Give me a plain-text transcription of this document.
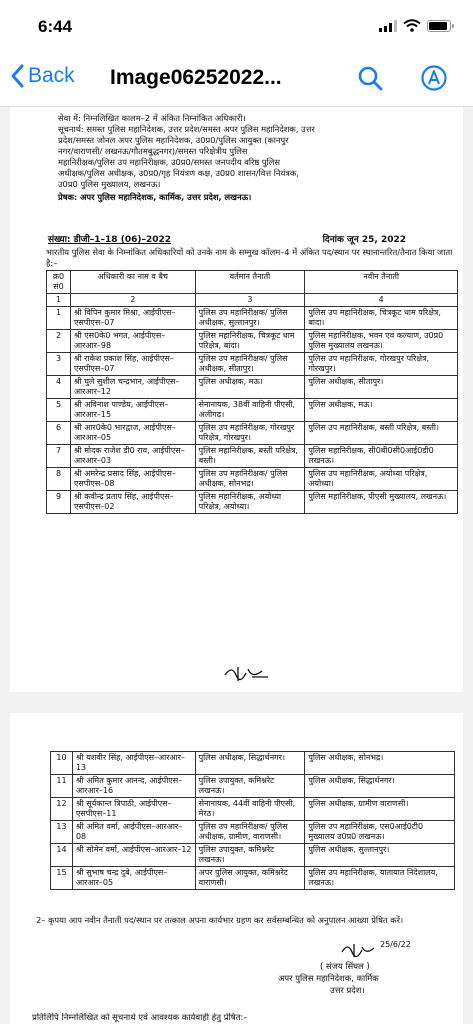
6:44
Back Image06252022...
सेवा में: निम्नलिखित कालम–2 में अंकित निम्नांकित अधिकारी।
सूचनार्थ: समस्त पुलिस महानिदेशक, उत्तर प्रदेश/समस्त अपर पुलिस महानिदेशक, उत्तर
प्रदेश/समस्त जोनल अपर पुलिस महानिदेशक, उ0प्र0/पुलिस आयुक्त (कानपुर
नगर/वाराणसी/ लखनऊ/गौतमबुद्धनगर)/समस्त परिक्षेत्रीय पुलिस
महानिरीक्षक/पुलिस उप महानिरीक्षक, उ0प्र0/समस्त जनपदीय वरिष्ठ पुलिस
अधीक्षक/पुलिस अधीक्षक, उ0प्र0/गृह नियंत्रण कक्ष, उ0प्र0 शासन/वित्त नियंत्रक,
उ0प्र0 पुलिस मुख्यालय, लखनऊ।
प्रेषक: अपर पुलिस महानिदेशक, कार्मिक, उत्तर प्रदेश, लखनऊ।
संख्या: डीजी–1–18 (06)–2022	दिनांक जून 25, 2022
भारतीय पुलिस सेवा के निम्नांकित अधिकारियों को उनके नाम के सम्मुख कॉलम–4 में अंकित पद/स्थान पर स्थानान्तरित/तैनात किया जाता है:–
क्र0 सं0	अधिकारी का नाम व बैच	वर्तमान तैनाती	नवीन तैनाती
1	2	3	4
1	श्री विपिन कुमार मिश्रा, आईपीएस–एसपीएस–07	पुलिस उप महानिरीक्षक/ पुलिस अधीक्षक, सुल्तानपुर।	पुलिस उप महानिरीक्षक, चित्रकूट धाम परिक्षेत्र, बांदा।
2	श्री एस0के0 भगत, आईपीएस–आरआर–98	पुलिस महानिरीक्षक, चित्रकूट धाम परिक्षेत्र, बांदा।	पुलिस महानिरीक्षक, भवन एवं कल्याण, उ0प्र0 पुलिस मुख्यालय लखनऊ।
3	श्री राकेश प्रकाश सिंह, आईपीएस–एसपीएस–07	पुलिस उप महानिरीक्षक/ पुलिस अधीक्षक, सीतापुर।	पुलिस उप महानिरीक्षक, गोरखपुर परिक्षेत्र, गोरखपुर।
4	श्री घुले सुशील चन्द्रभान, आईपीएस–आरआर–12	पुलिस अधीक्षक, मऊ।	पुलिस अधीक्षक, सीतापुर।
5	श्री अविनाश पाण्डेय, आईपीएस–आरआर–15	सेनानायक, 38वीं वाहिनी पीएसी, अलीगढ़।	पुलिस अधीक्षक, मऊ।
6	श्री आर0के0 भारद्वाज, आईपीएस–आरआर–05	पुलिस उप महानिरीक्षक, गोरखपुर परिक्षेत्र, गोरखपुर।	पुलिस उप महानिरीक्षक, बस्ती परिक्षेत्र, बस्ती।
7	श्री मोदक राजेश डी0 राव, आईपीएस–आरआर–03	पुलिस महानिरीक्षक, बस्ती परिक्षेत्र, बस्ती।	पुलिस महानिरीक्षक, सी0बी0सी0आई0डी0 लखनऊ।
8	श्री अमरेन्द्र प्रसाद सिंह, आईपीएस–एसपीएस–08	पुलिस उप महानिरीक्षक/ पुलिस अधीक्षक, सोनभद्र।	पुलिस उप महानिरीक्षक, अयोध्या परिक्षेत्र, अयोध्या।
9	श्री कवीन्द्र प्रताप सिंह, आईपीएस–एसपीएस–02	पुलिस महानिरीक्षक, अयोध्या परिक्षेत्र, अयोध्या।	पुलिस महानिरीक्षक, पीएसी मुख्यालय, लखनऊ।
10	श्री यशवीर सिंह, आईपीएस–आरआर–13	पुलिस अधीक्षक, सिद्धार्थनगर।	पुलिस अधीक्षक, सोनभद्र।
11	श्री अमित कुमार आनन्द, आईपीएस–आरआर–16	पुलिस उपायुक्त, कमिश्नरेट लखनऊ।	पुलिस अधीक्षक, सिद्धार्थनगर।
12	श्री सूर्यकान्त त्रिपाठी, आईपीएस–एसपीएस–11	सेनानायक, 44वीं वाहिनी पीएसी, मेरठ।	पुलिस अधीक्षक, ग्रामीण वाराणसी।
13	श्री अमित वर्मा, आईपीएस–आरआर–08	पुलिस उप महानिरीक्षक/ पुलिस अधीक्षक, ग्रामीण, वाराणसी।	पुलिस उप महानिरीक्षक, एस0आई0टी0 मुख्यालय उ0प्र0 लखनऊ।
14	श्री सोमेन वर्मा, आईपीएस–आरआर–12	पुलिस उपायुक्त, कमिश्नरेट लखनऊ।	पुलिस अधीक्षक, सुल्तानपुर।
15	श्री सुभाष चन्द्र दुबे, आईपीएस–आरआर–05	अपर पुलिस आयुक्त, कमिश्नरेट वाराणसी।	पुलिस उप महानिरीक्षक, यातायात निदेशालय, लखनऊ।
2– कृपया आप नवीन तैनाती पद/स्थान पर तत्काल अपना कार्यभार ग्रहण कर सर्वसम्बन्धित को अनुपालन आख्या प्रेषित करें।
25/6/22
( संजय सिंघल )
अपर पुलिस महानिदेशक, कार्मिक
उत्तर प्रदेश।
प्रतिलिपि निम्नलिखित को सूचनार्थ एवं आवश्यक कार्यवाही हेतु प्रेषित:–
